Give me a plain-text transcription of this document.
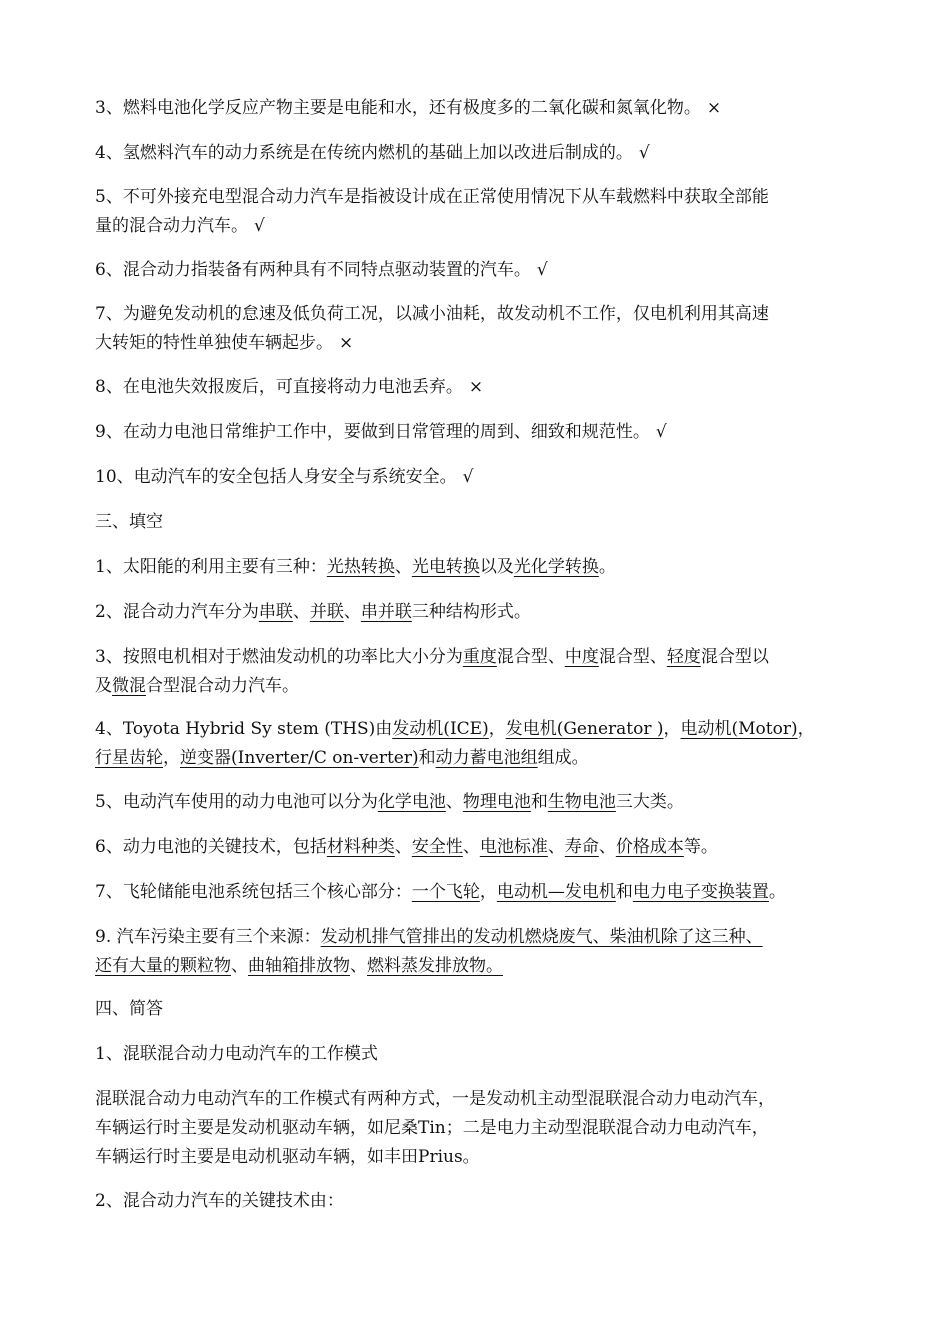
3、燃料电池化学反应产物主要是电能和水，还有极度多的二氧化碳和氮氧化物。 ×
4、氢燃料汽车的动力系统是在传统内燃机的基础上加以改进后制成的。 √
5、不可外接充电型混合动力汽车是指被设计成在正常使用情况下从车载燃料中获取全部能
量的混合动力汽车。 √
6、混合动力指装备有两种具有不同特点驱动装置的汽车。 √
7、为避免发动机的怠速及低负荷工况，以减小油耗，故发动机不工作，仅电机利用其高速
大转矩的特性单独使车辆起步。 ×
8、在电池失效报废后，可直接将动力电池丢弃。 ×
9、在动力电池日常维护工作中，要做到日常管理的周到、细致和规范性。 √
10、电动汽车的安全包括人身安全与系统安全。 √
三、填空
1、太阳能的利用主要有三种：光热转换、光电转换以及光化学转换。
2、混合动力汽车分为串联、并联、串并联三种结构形式。
3、按照电机相对于燃油发动机的功率比大小分为重度混合型、中度混合型、轻度混合型以
及微混合型混合动力汽车。
4、Toyota Hybrid Sy stem (THS)由发动机(ICE)，发电机(Generator )，电动机(Motor)，
行星齿轮，逆变器(Inverter/C on-verter)和动力蓄电池组组成。
5、电动汽车使用的动力电池可以分为化学电池、物理电池和生物电池三大类。
6、动力电池的关键技术，包括材料种类、安全性、电池标准、寿命、价格成本等。
7、飞轮储能电池系统包括三个核心部分：一个飞轮，电动机—发电机和电力电子变换装置。
9. 汽车污染主要有三个来源：发动机排气管排出的发动机燃烧废气、柴油机除了这三种、
还有大量的颗粒物、曲轴箱排放物、燃料蒸发排放物。
四、简答
1、混联混合动力电动汽车的工作模式
混联混合动力电动汽车的工作模式有两种方式，一是发动机主动型混联混合动力电动汽车，
车辆运行时主要是发动机驱动车辆，如尼桑Tin；二是电力主动型混联混合动力电动汽车，
车辆运行时主要是电动机驱动车辆，如丰田Prius。
2、混合动力汽车的关键技术由：
